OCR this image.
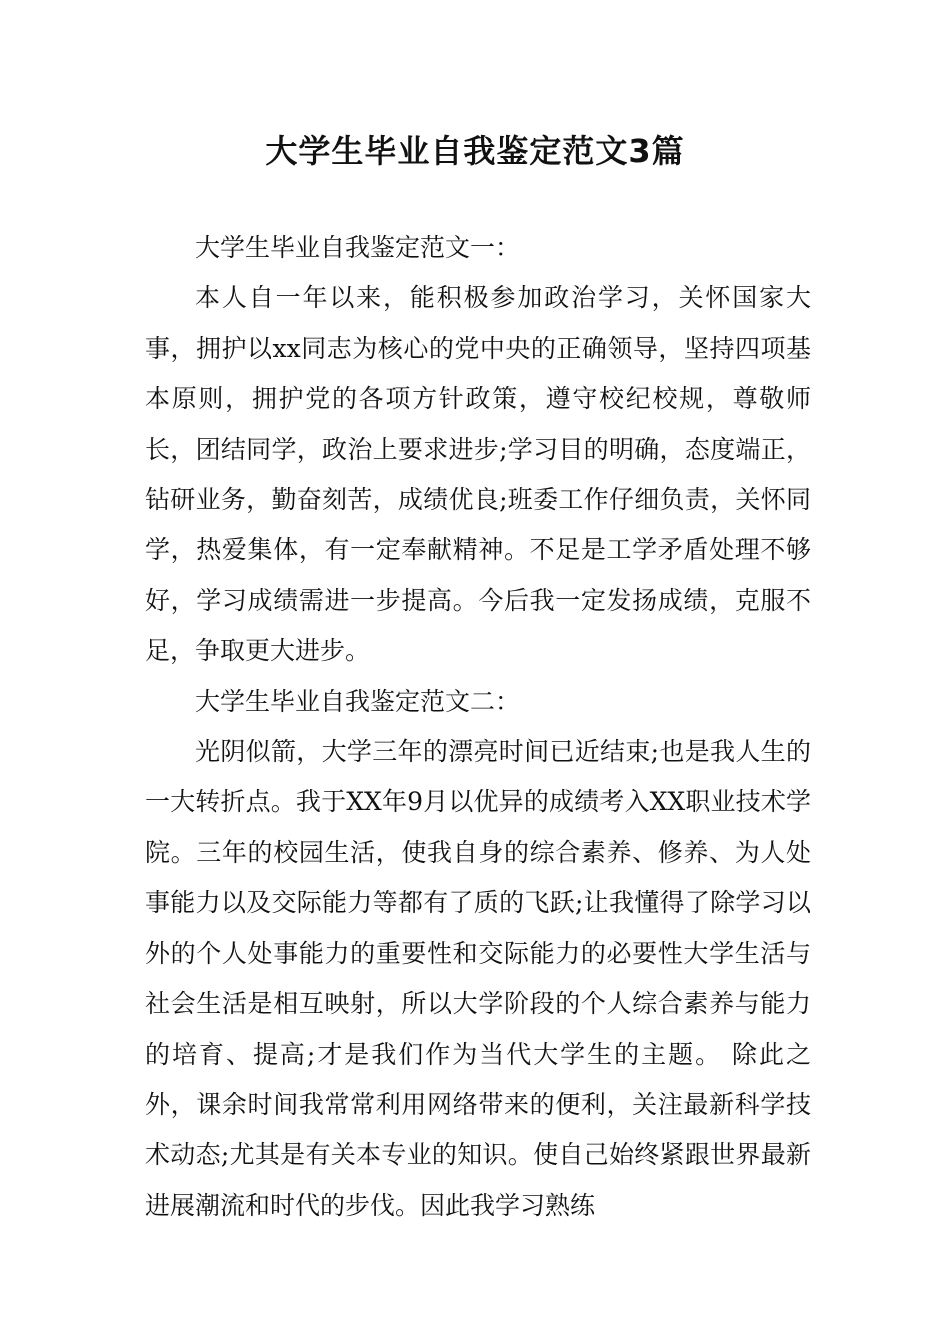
大学生毕业自我鉴定范文3篇

大学生毕业自我鉴定范文一：

本人自一年以来，能积极参加政治学习，关怀国家大事，拥护以xx同志为核心的党中央的正确领导，坚持四项基本原则，拥护党的各项方针政策，遵守校纪校规，尊敬师长，团结同学，政治上要求进步;学习目的明确，态度端正，钻研业务，勤奋刻苦，成绩优良;班委工作仔细负责，关怀同学，热爱集体，有一定奉献精神。不足是工学矛盾处理不够好，学习成绩需进一步提高。今后我一定发扬成绩，克服不足，争取更大进步。

大学生毕业自我鉴定范文二：

光阴似箭，大学三年的漂亮时间已近结束;也是我人生的一大转折点。我于XX年9月以优异的成绩考入XX职业技术学院。三年的校园生活，使我自身的综合素养、修养、为人处事能力以及交际能力等都有了质的飞跃;让我懂得了除学习以外的个人处事能力的重要性和交际能力的必要性大学生活与社会生活是相互映射，所以大学阶段的个人综合素养与能力的培育、提高;才是我们作为当代大学生的主题。 除此之外，课余时间我常常利用网络带来的便利，关注最新科学技术动态;尤其是有关本专业的知识。使自己始终紧跟世界最新进展潮流和时代的步伐。因此我学习熟练
